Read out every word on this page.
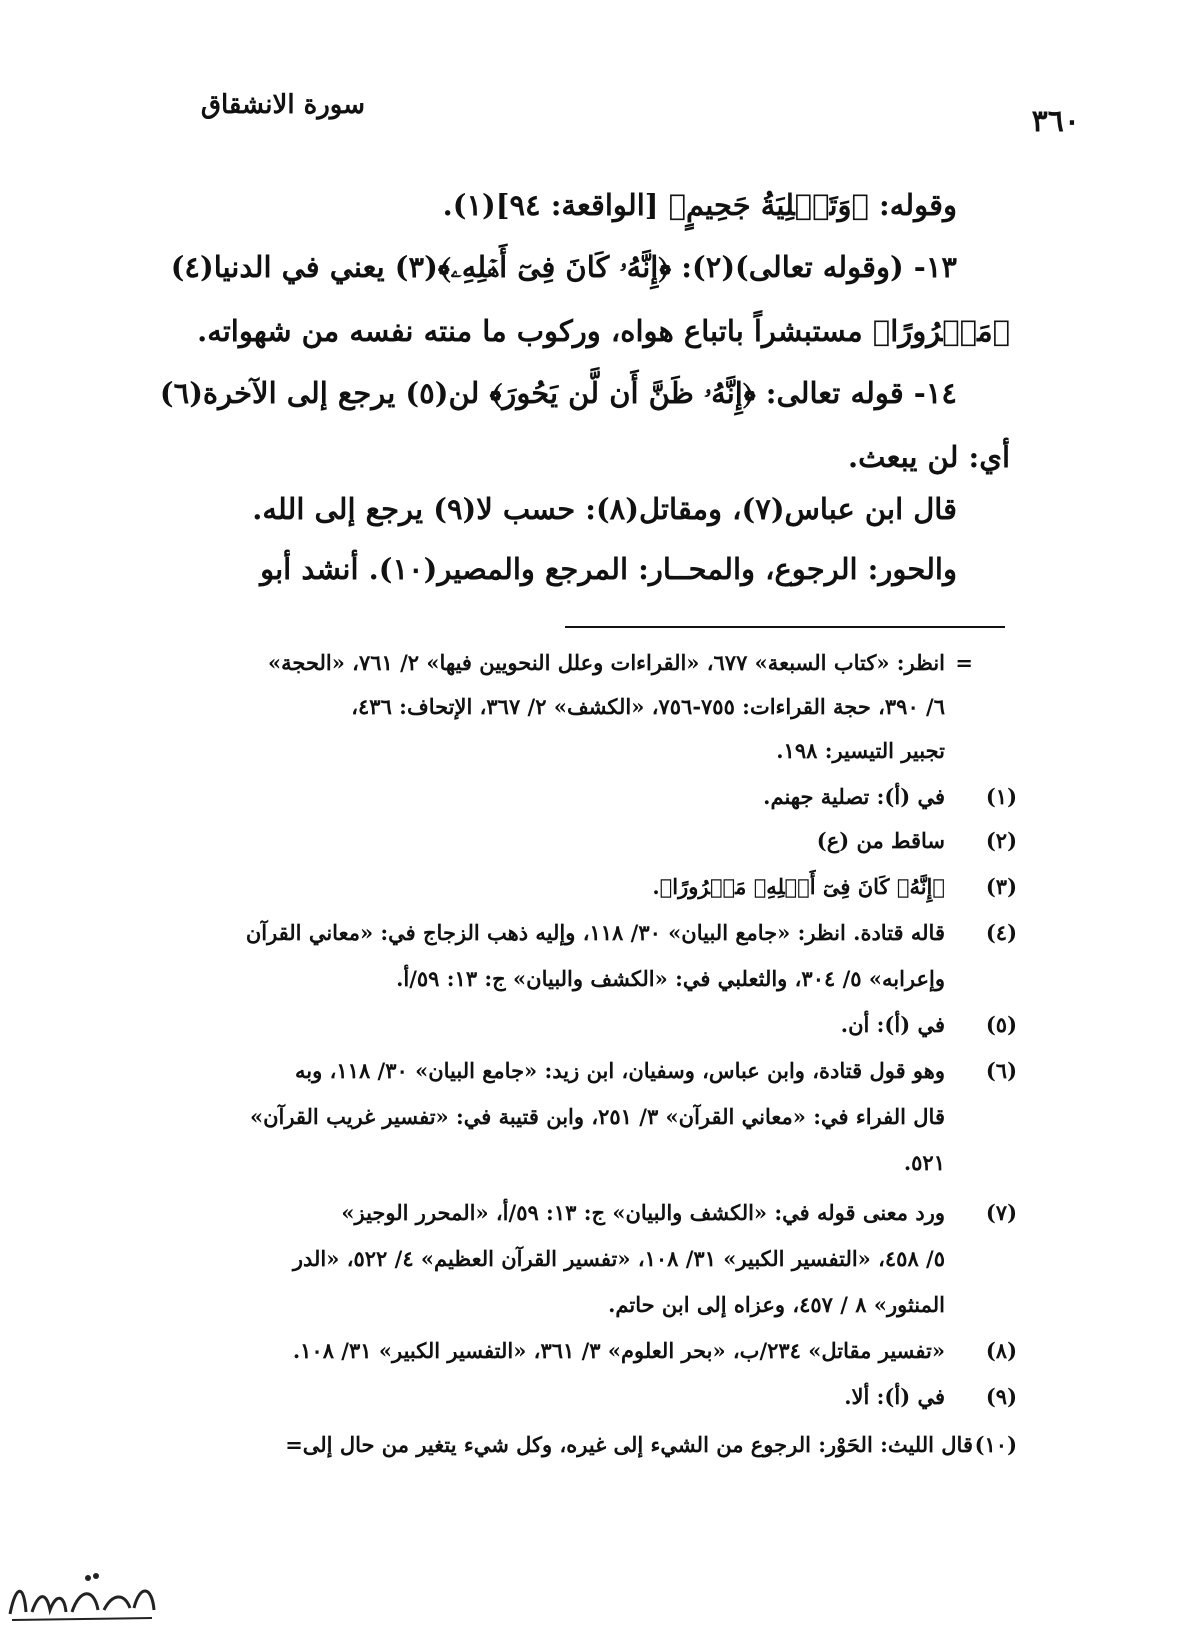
سورة الانشقاق	٣٦٠
وقوله: ﴿وَتَصۡلِيَةُ جَحِيمٍ﴾ [الواقعة: ٩٤](١).
١٣- (وقوله تعالى)(٢): ﴿إِنَّهُۥ كَانَ فِىٓ أَهۡلِهِۦ﴾(٣) يعني في الدنيا(٤)
﴿مَسۡرُورًا﴾ مستبشراً باتباع هواه، وركوب ما منته نفسه من شهواته.
١٤- قوله تعالى: ﴿إِنَّهُۥ ظَنَّ أَن لَّن يَحُورَ﴾ لن(٥) يرجع إلى الآخرة(٦)
أي: لن يبعث.
قال ابن عباس(٧)، ومقاتل(٨): حسب لا(٩) يرجع إلى الله.
والحور: الرجوع، والمحــار: المرجع والمصير(١٠). أنشد أبو
=
انظر: «كتاب السبعة» ٦٧٧، «القراءات وعلل النحويين فيها» ٢/ ٧٦١، «الحجة»
٦/ ٣٩٠، حجة القراءات: ٧٥٥-٧٥٦، «الكشف» ٢/ ٣٦٧، الإتحاف: ٤٣٦،
تجبير التيسير: ١٩٨.
(١)
في (أ): تصلية جهنم.
(٢)
ساقط من (ع)
(٣)
﴿إِنَّهُۥ كَانَ فِىٓ أَهۡلِهِۦ مَسۡرُورًا﴾.
(٤)
قاله قتادة. انظر: «جامع البيان» ٣٠/ ١١٨، وإليه ذهب الزجاج في: «معاني القرآن
وإعرابه» ٥/ ٣٠٤، والثعلبي في: «الكشف والبيان» ج: ١٣: ٥٩/أ.
(٥)
في (أ): أن.
(٦)
وهو قول قتادة، وابن عباس، وسفيان، ابن زيد: «جامع البيان» ٣٠/ ١١٨، وبه
قال الفراء في: «معاني القرآن» ٣/ ٢٥١، وابن قتيبة في: «تفسير غريب القرآن»
٥٢١.
(٧)
ورد معنى قوله في: «الكشف والبيان» ج: ١٣: ٥٩/أ، «المحرر الوجيز»
٥/ ٤٥٨، «التفسير الكبير» ٣١/ ١٠٨، «تفسير القرآن العظيم» ٤/ ٥٢٢، «الدر
المنثور» ٨ / ٤٥٧، وعزاه إلى ابن حاتم.
(٨)
«تفسير مقاتل» ٢٣٤/ب، «بحر العلوم» ٣/ ٣٦١، «التفسير الكبير» ٣١/ ١٠٨.
(٩)
في (أ): ألا.
(١٠)
قال الليث: الحَوْر: الرجوع من الشيء إلى غيره، وكل شيء يتغير من حال إلى=
